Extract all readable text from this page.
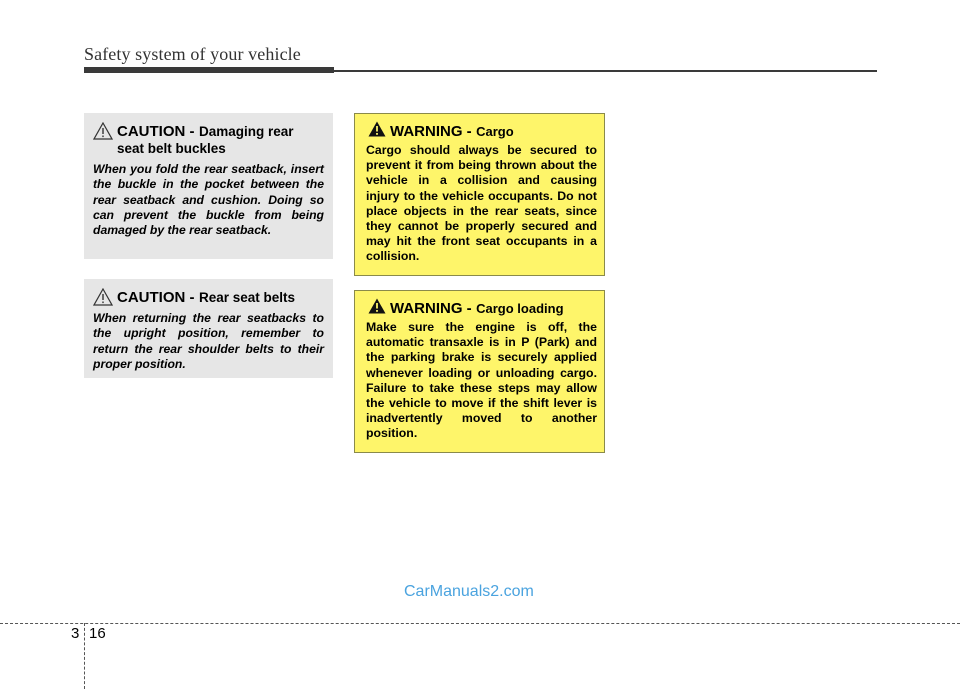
Safety system of your vehicle
CAUTION - Damaging rear seat belt buckles
When you fold the rear seatback, insert the buckle in the pocket between the rear seatback and cushion. Doing so can prevent the buckle from being damaged by the rear seatback.
CAUTION - Rear seat belts
When returning the rear seatbacks to the upright position, remember to return the rear shoulder belts to their proper position.
WARNING - Cargo
Cargo should always be secured to prevent it from being thrown about the vehicle in a collision and causing injury to the vehicle occupants. Do not place objects in the rear seats, since they cannot be properly secured and may hit the front seat occupants in a collision.
WARNING - Cargo loading
Make sure the engine is off, the automatic transaxle is in P (Park) and the parking brake is securely applied whenever loading or unloading cargo. Failure to take these steps may allow the vehicle to move if the shift lever is inadvertently moved to another position.
CarManuals2.com
3 16
